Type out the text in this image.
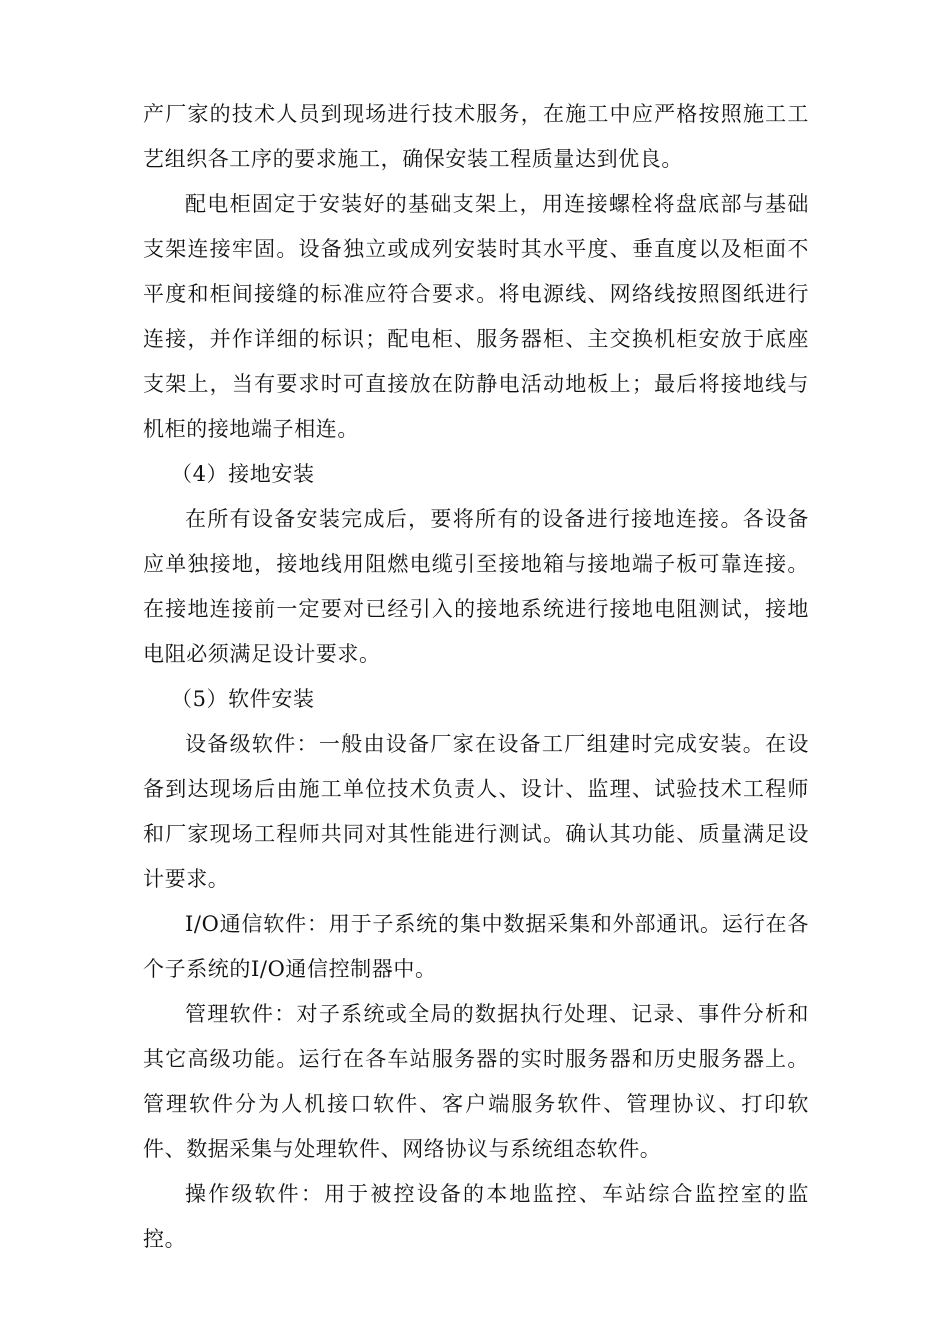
产厂家的技术人员到现场进行技术服务，在施工中应严格按照施工工艺组织各工序的要求施工，确保安装工程质量达到优良。

配电柜固定于安装好的基础支架上，用连接螺栓将盘底部与基础支架连接牢固。设备独立或成列安装时其水平度、垂直度以及柜面不平度和柜间接缝的标准应符合要求。将电源线、网络线按照图纸进行连接，并作详细的标识；配电柜、服务器柜、主交换机柜安放于底座支架上，当有要求时可直接放在防静电活动地板上；最后将接地线与机柜的接地端子相连。

（4）接地安装

在所有设备安装完成后，要将所有的设备进行接地连接。各设备应单独接地，接地线用阻燃电缆引至接地箱与接地端子板可靠连接。在接地连接前一定要对已经引入的接地系统进行接地电阻测试，接地电阻必须满足设计要求。

（5）软件安装

设备级软件：一般由设备厂家在设备工厂组建时完成安装。在设备到达现场后由施工单位技术负责人、设计、监理、试验技术工程师和厂家现场工程师共同对其性能进行测试。确认其功能、质量满足设计要求。

I/O通信软件：用于子系统的集中数据采集和外部通讯。运行在各个子系统的I/O通信控制器中。

管理软件：对子系统或全局的数据执行处理、记录、事件分析和其它高级功能。运行在各车站服务器的实时服务器和历史服务器上。管理软件分为人机接口软件、客户端服务软件、管理协议、打印软件、数据采集与处理软件、网络协议与系统组态软件。

操作级软件：用于被控设备的本地监控、车站综合监控室的监控。
